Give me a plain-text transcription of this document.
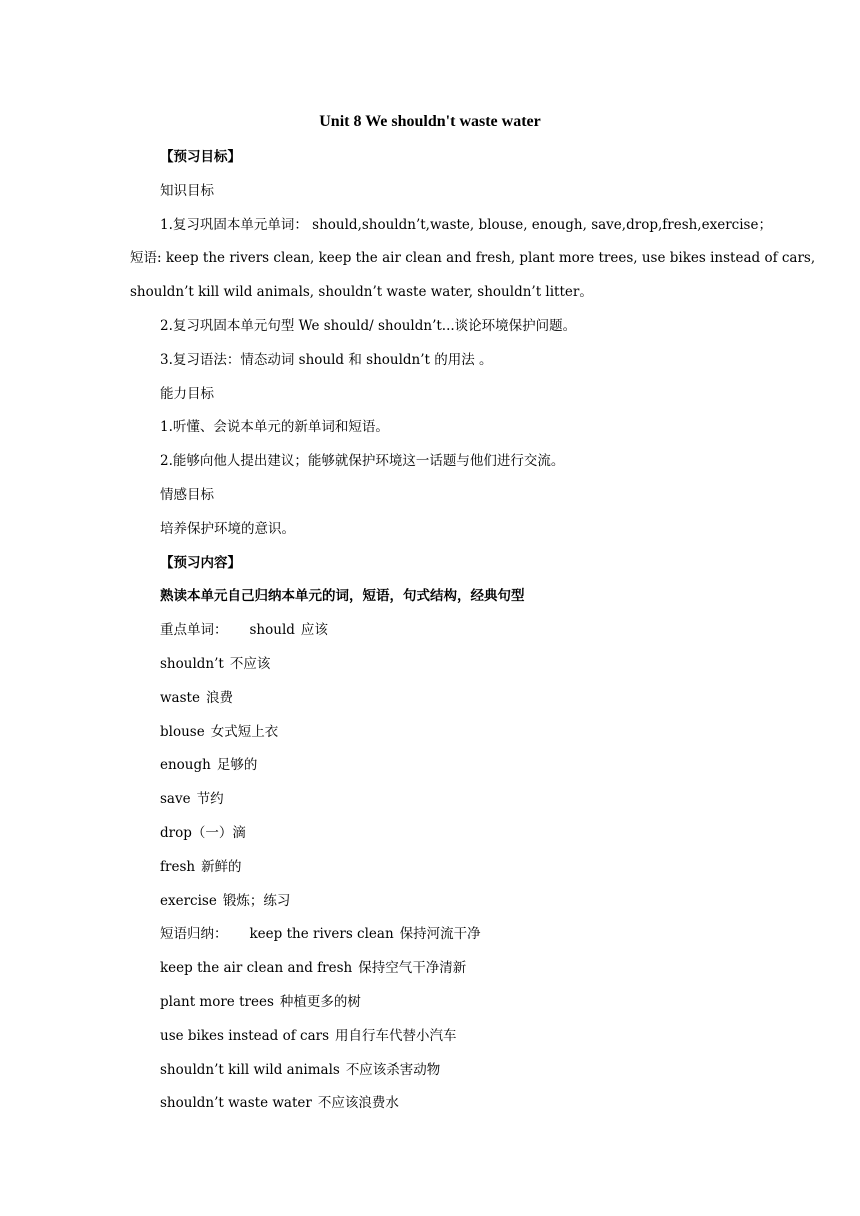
Unit 8 We shouldn't waste water
【预习目标】
知识目标
1.复习巩固本单元单词： should,shouldn’t,waste, blouse, enough, save,drop,fresh,exercise；
短语: keep the rivers clean, keep the air clean and fresh, plant more trees, use bikes instead of cars,
shouldn’t kill wild animals, shouldn’t waste water, shouldn’t litter。
2.复习巩固本单元句型 We should/ shouldn’t...谈论环境保护问题。
3.复习语法：情态动词 should 和 shouldn’t 的用法 。
能力目标
1.听懂、会说本单元的新单词和短语。
2.能够向他人提出建议；能够就保护环境这一话题与他们进行交流。
情感目标
培养保护环境的意识。
【预习内容】
熟读本单元自己归纳本单元的词，短语，句式结构，经典句型
重点单词： should 应该
shouldn’t 不应该
waste 浪费
blouse 女式短上衣
enough 足够的
save 节约
drop（一）滴
fresh 新鲜的
exercise 锻炼；练习
短语归纳： keep the rivers clean 保持河流干净
keep the air clean and fresh 保持空气干净清新
plant more trees 种植更多的树
use bikes instead of cars 用自行车代替小汽车
shouldn’t kill wild animals 不应该杀害动物
shouldn’t waste water 不应该浪费水
